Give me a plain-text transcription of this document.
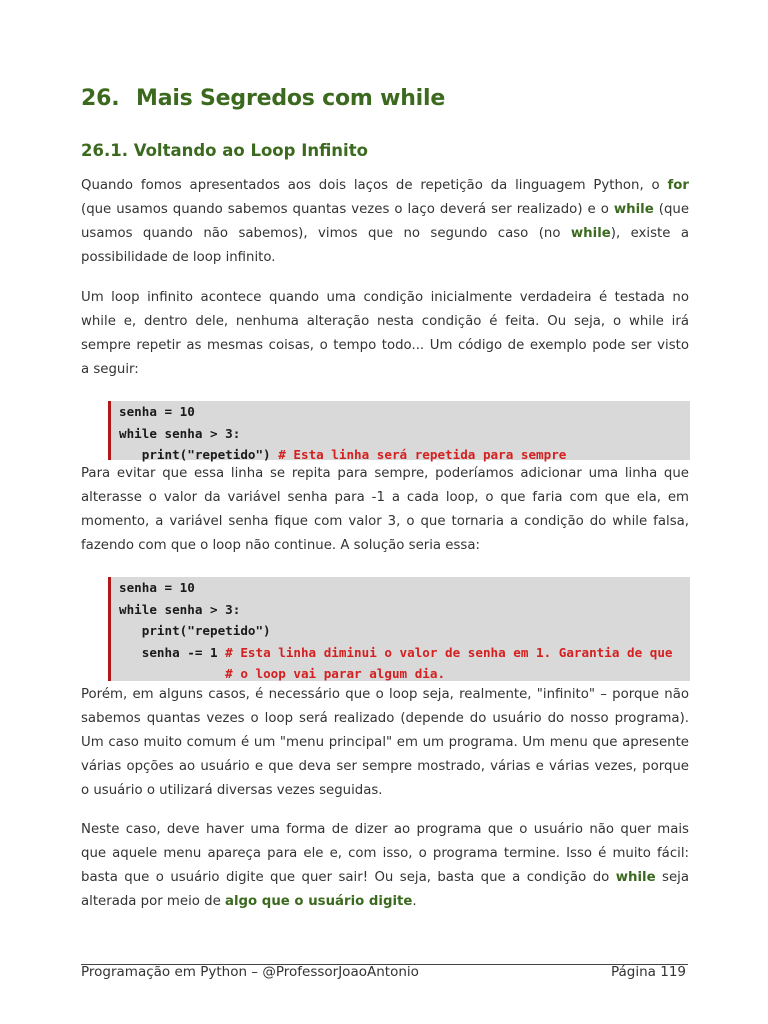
26. Mais Segredos com while
26.1. Voltando ao Loop Infinito
Quando fomos apresentados aos dois laços de repetição da linguagem Python, o for
(que usamos quando sabemos quantas vezes o laço deverá ser realizado) e o while (que
usamos quando não sabemos), vimos que no segundo caso (no while), existe a
possibilidade de loop infinito.
Um loop infinito acontece quando uma condição inicialmente verdadeira é testada no
while e, dentro dele, nenhuma alteração nesta condição é feita. Ou seja, o while irá
sempre repetir as mesmas coisas, o tempo todo... Um código de exemplo pode ser visto
a seguir:
senha = 10
while senha > 3:
print("repetido") # Esta linha será repetida para sempre
Para evitar que essa linha se repita para sempre, poderíamos adicionar uma linha que
alterasse o valor da variável senha para -1 a cada loop, o que faria com que ela, em
momento, a variável senha fique com valor 3, o que tornaria a condição do while falsa,
fazendo com que o loop não continue. A solução seria essa:
senha = 10
while senha > 3:
print("repetido")
senha -= 1 # Esta linha diminui o valor de senha em 1. Garantia de que
# o loop vai parar algum dia.
Porém, em alguns casos, é necessário que o loop seja, realmente, "infinito" – porque não
sabemos quantas vezes o loop será realizado (depende do usuário do nosso programa).
Um caso muito comum é um "menu principal" em um programa. Um menu que apresente
várias opções ao usuário e que deva ser sempre mostrado, várias e várias vezes, porque
o usuário o utilizará diversas vezes seguidas.
Neste caso, deve haver uma forma de dizer ao programa que o usuário não quer mais
que aquele menu apareça para ele e, com isso, o programa termine. Isso é muito fácil:
basta que o usuário digite que quer sair! Ou seja, basta que a condição do while seja
alterada por meio de algo que o usuário digite.
Programação em Python – @ProfessorJoaoAntonio	Página 119
